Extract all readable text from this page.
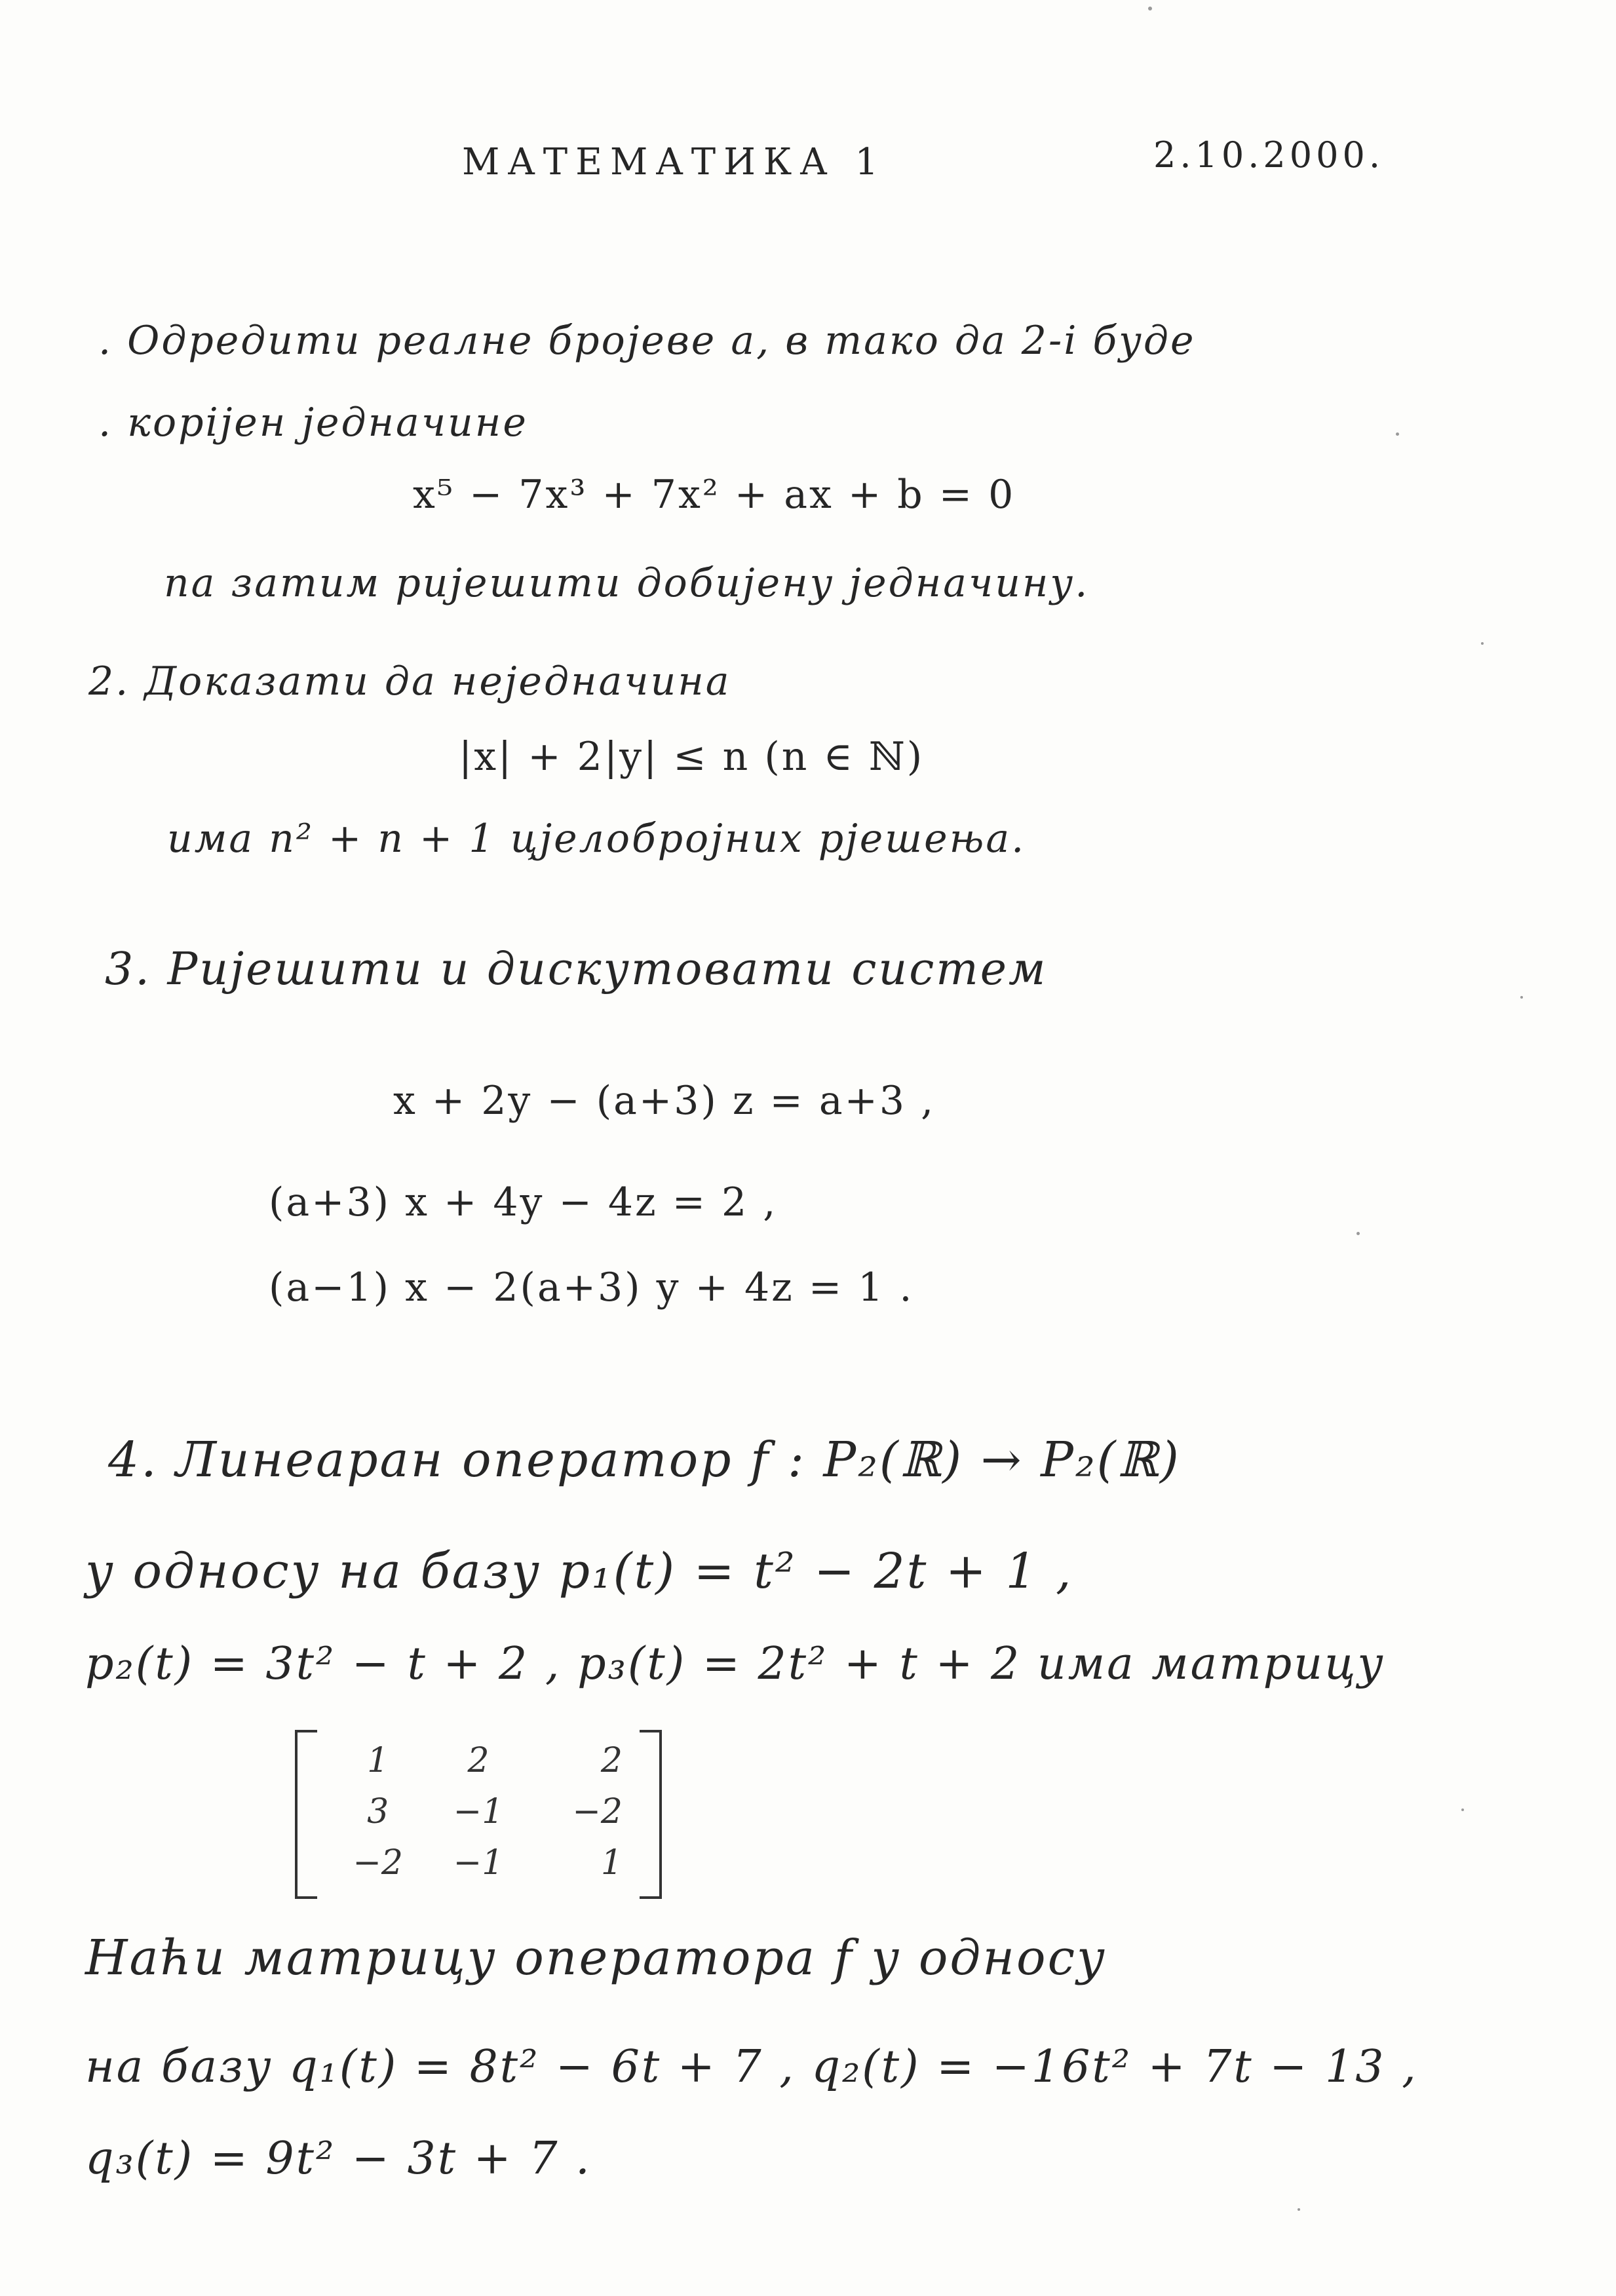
МАТЕМАТИКА 1	2.10.2000.
. Одредити реалне бројеве a, в тако да 2-i буде
. корijен jедначине
x⁵ − 7x³ + 7x² + ax + b = 0
па затим ријешити добијену једначину.
2. Доказати да неједначина
|x| + 2|y| ≤ n (n ∈ ℕ)
има n² + n + 1 цјелобројних рјешења.
3. Ријешити и дискутовати систем
x + 2y − (a+3) z = a+3 ,
(a+3) x + 4y − 4z = 2 ,
(a−1) x − 2(a+3) y + 4z = 1 .
4. Линеаран оператор f : P₂(ℝ) → P₂(ℝ)
у односу на базу p₁(t) = t² − 2t + 1 ,
p₂(t) = 3t² − t + 2 , p₃(t) = 2t² + t + 2 има матрицу
1	2	2
3	−1	−2
−2	−1	1
Наћи матрицу оператора f у односу
на базу q₁(t) = 8t² − 6t + 7 , q₂(t) = −16t² + 7t − 13 ,
q₃(t) = 9t² − 3t + 7 .
